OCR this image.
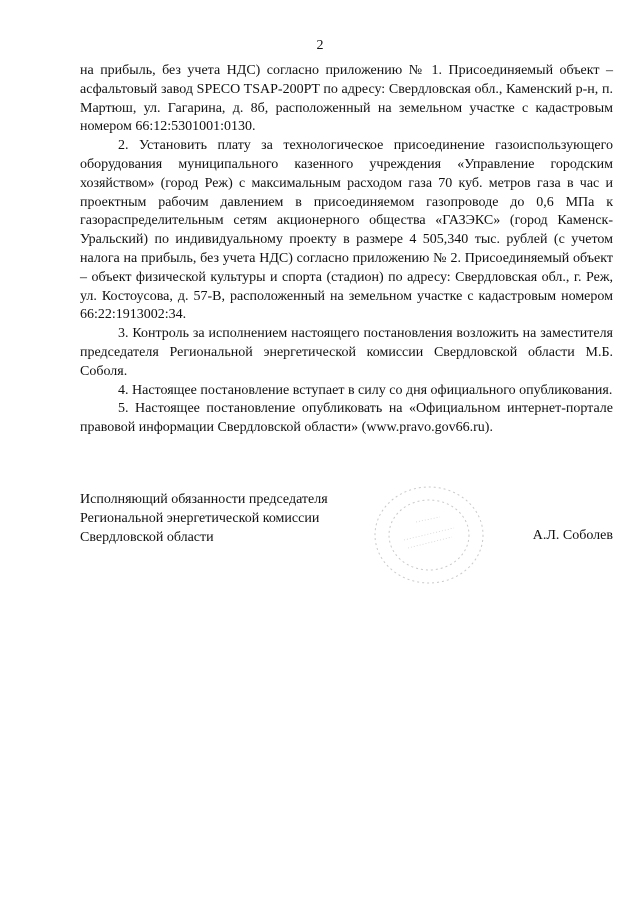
2

на прибыль, без учета НДС) согласно приложению № 1. Присоединяемый объект – асфальтовый завод SPECO TSAP-200PT по адресу: Свердловская обл., Каменский р-н, п. Мартюш, ул. Гагарина, д. 8б, расположенный на земельном участке с кадастровым номером 66:12:5301001:0130.

2. Установить плату за технологическое присоединение газоиспользующего оборудования муниципального казенного учреждения «Управление городским хозяйством» (город Реж) с максимальным расходом газа 70 куб. метров газа в час и проектным рабочим давлением в присоединяемом газопроводе до 0,6 МПа к газораспределительным сетям акционерного общества «ГАЗЭКС» (город Каменск-Уральский) по индивидуальному проекту в размере 4 505,340 тыс. рублей (с учетом налога на прибыль, без учета НДС) согласно приложению № 2. Присоединяемый объект – объект физической культуры и спорта (стадион) по адресу: Свердловская обл., г. Реж, ул. Костоусова, д. 57-В, расположенный на земельном участке с кадастровым номером 66:22:1913002:34.

3. Контроль за исполнением настоящего постановления возложить на заместителя председателя Региональной энергетической комиссии Свердловской области М.Б. Соболя.

4. Настоящее постановление вступает в силу со дня официального опубликования.

5. Настоящее постановление опубликовать на «Официальном интернет-портале правовой информации Свердловской области» (www.pravo.gov66.ru).

Исполняющий обязанности председателя
Региональной энергетической комиссии
Свердловской области	А.Л. Соболев
